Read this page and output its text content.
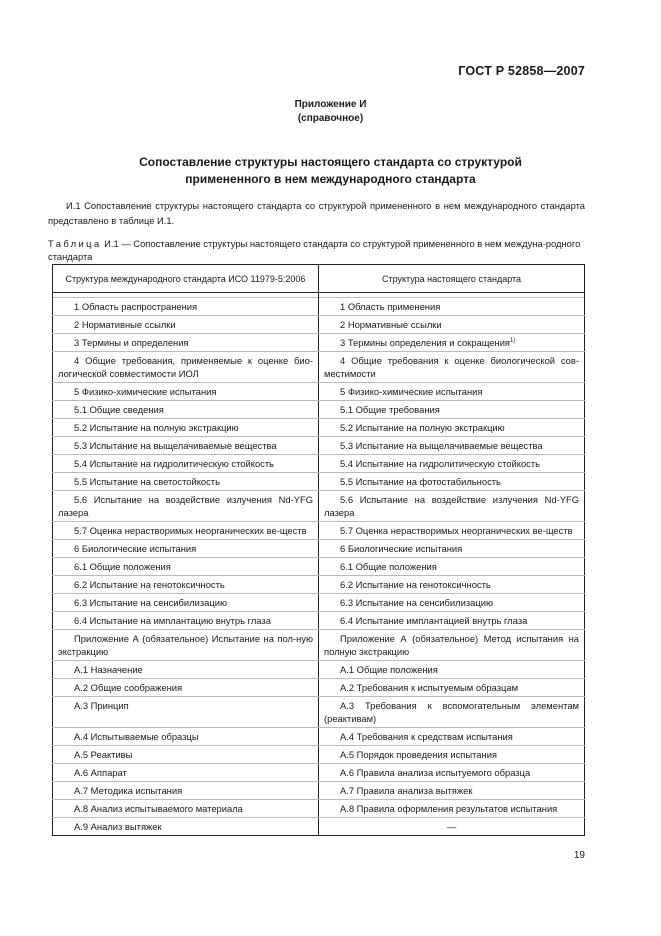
ГОСТ Р 52858—2007
Приложение И
(справочное)
Сопоставление структуры настоящего стандарта со структурой
примененного в нем международного стандарта
И.1 Сопоставление структуры настоящего стандарта со структурой примененного в нем международного стандарта представлено в таблице И.1.
Таблица И.1 — Сопоставление структуры настоящего стандарта со структурой примененного в нем междуна-родного стандарта
Структура международного стандарта ИСО 11979-5:2006	Структура настоящего стандарта

1 Область распространения	1 Область применения
2 Нормативные ссылки	2 Нормативные ссылки
3 Термины и определения	3 Термины определения и сокращения$^{1)}$
4 Общие требования, применяемые к оценке био-логической совместимости ИОЛ	4 Общие требования к оценке биологической сов-местимости
5 Физико-химические испытания	5 Физико-химические испытания
5.1 Общие сведения	5.1 Общие требования
5.2 Испытание на полную экстракцию	5.2 Испытание на полную экстракцию
5.3 Испытание на выщелачиваемые вещества	5.3 Испытание на выщелачиваемые вещества
5.4 Испытание на гидролитическую стойкость	5.4 Испытание на гидролитическую стойкость
5.5 Испытание на светостойкость	5.5 Испытание на фотостабильность
5.6 Испытание на воздействие излучения Nd-YFG лазера	5.6 Испытание на воздействие излучения Nd-YFG лазера
5.7 Оценка нерастворимых неорганических ве-ществ	5.7 Оценка нерастворимых неорганических ве-ществ
6 Биологические испытания	6 Биологические испытания
6.1 Общие положения	6.1 Общие положения
6.2 Испытание на генотоксичность	6.2 Испытание на генотоксичность
6.3 Испытание на сенсибилизацию	6.3 Испытание на сенсибилизацию
6.4 Испытание на имплантацию внутрь глаза	6.4 Испытание имплантацией внутрь глаза
Приложение А (обязательное) Испытание на пол-ную экстракцию	Приложение А (обязательное) Метод испытания на полную экстракцию
А.1 Назначение	А.1 Общие положения
А.2 Общие соображения	А.2 Требования к испытуемым образцам
А.3 Принцип	А.3 Требования к вспомогательным элементам (реактивам)
А.4 Испытываемые образцы	А.4 Требования к средствам испытания
А.5 Реактивы	А.5 Порядок проведения испытания
А.6 Аппарат	А.6 Правила анализа испытуемого образца
А.7 Методика испытания	А.7 Правила анализа вытяжек
А.8 Анализ испытываемого материала	А.8 Правила оформления результатов испытания
А.9 Анализ вытяжек	—
19
